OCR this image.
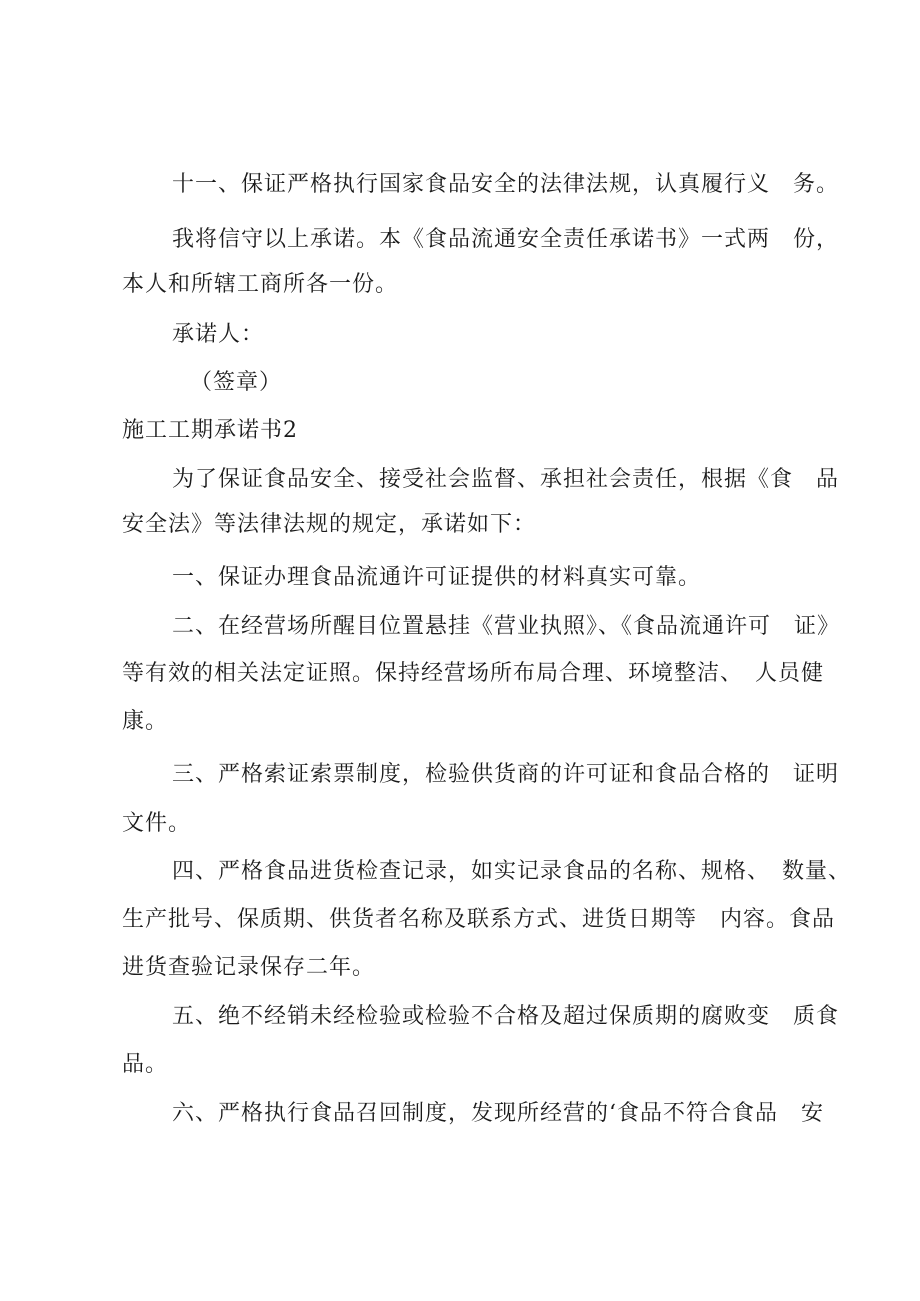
十一、保证严格执行国家食品安全的法律法规，认真履行义　务。
我将信守以上承诺。本《食品流通安全责任承诺书》一式两　份，
本人和所辖工商所各一份。
承诺人：
（签章）
施工工期承诺书2
为了保证食品安全、接受社会监督、承担社会责任，根据《食　品
安全法》等法律法规的规定，承诺如下：
一、保证办理食品流通许可证提供的材料真实可靠。
二、在经营场所醒目位置悬挂《营业执照》、《食品流通许可　证》
等有效的相关法定证照。保持经营场所布局合理、环境整洁、　人员健
康。
三、严格索证索票制度，检验供货商的许可证和食品合格的　证明
文件。
四、严格食品进货检查记录，如实记录食品的名称、规格、　数量、
生产批号、保质期、供货者名称及联系方式、进货日期等　内容。食品
进货查验记录保存二年。
五、绝不经销未经检验或检验不合格及超过保质期的腐败变　质食
品。
六、严格执行食品召回制度，发现所经营的‘食品不符合食品　安
